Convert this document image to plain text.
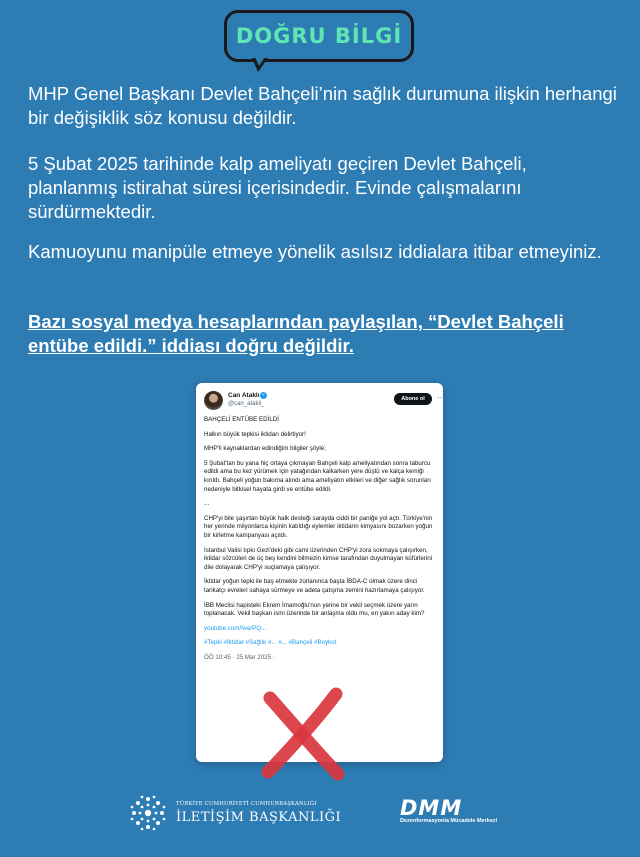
DOĞRU BİLGİ

MHP Genel Başkanı Devlet Bahçeli’nin sağlık durumuna ilişkin herhangi bir değişiklik söz konusu değildir.

5 Şubat 2025 tarihinde kalp ameliyatı geçiren Devlet Bahçeli, planlanmış istirahat süresi içerisindedir. Evinde çalışmalarını sürdürmektedir.

Kamuoyunu manipüle etmeye yönelik asılsız iddialara itibar etmeyiniz.

Bazı sosyal medya hesaplarından paylaşılan, “Devlet Bahçeli entübe edildi.” iddiası doğru değildir.

Can Ataklı ✓
@can_atakli_
Abone ol	⋯

BAHÇELİ ENTÜBE EDİLDİ

Halkın büyük tepkisi iktidarı delirtiyor!

MHP'li kaynaklardan edindiğim bilgiler şöyle;

5 Şubat'tan bu yana hiç ortaya çıkmayan Bahçeli kalp ameliyatından sonra taburcu edildi ama bu kez yürümek için yatağından kalkarken yere düştü ve kalça kemiği kırıldı. Bahçeli yoğun bakıma alındı ama ameliyatın etkileri ve diğer sağlık sorunları nedeniyle bitkisel hayata girdi ve entübe edildi.

...

CHP'yi bile şaşırtan büyük halk desteği sarayda ciddi bir paniğe yol açtı. Türkiye'nin her yerinde milyonlarca kişinin katıldığı eylemler iktidarın kimyasını bozarken yoğun bir kirletme kampanyası açıldı.

İstanbul Valisi tıpkı Gezi'deki gibi cami üzerinden CHP'yi zora sokmaya çalışırken, iktidar sözcüleri de üç beş kendini bilmezin kimse tarafından duyulmayan küfürlerini dile dolayarak CHP'yi suçlamaya çalışıyor.

İktidar yoğun tepki ile baş etmekte zorlanınca başta İBDA-C olmak üzere dinci tarikatçı evreleri sahaya sürmeye ve adeta çatışma zemini hazırlamaya çalışıyor.

İBB Meclisi hapisteki Ekrem İmamoğlu'nun yerine bir vekil seçmek üzere yarın toplanacak. Vekil başkan ismi üzerinde bir anlaşma oldu mu, en yakın aday kim?

youtube.com/live/PQ...

#Tepki #İktidar #Sağlık #... #... #Bahçeli #Boykot

ÖÖ 10:45 · 25 Mar 2025 ·

TÜRKİYE CUMHURİYETİ CUMHURBAŞKANLIĞI
İLETİŞİM BAŞKANLIĞI	DMM
Dezenformasyonla Mücadele Merkezi
